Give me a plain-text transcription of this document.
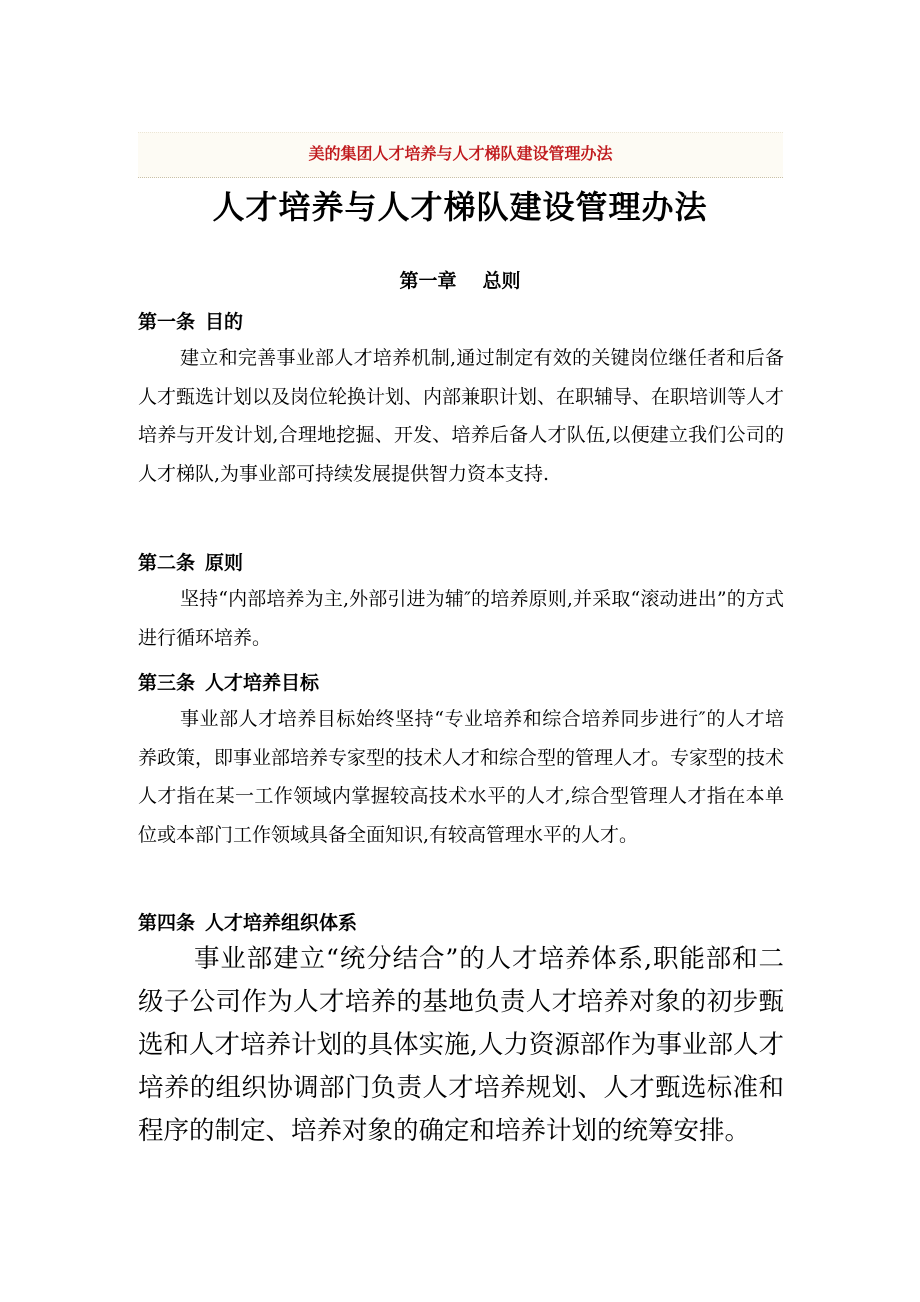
美的集团人才培养与人才梯队建设管理办法
人才培养与人才梯队建设管理办法
第一章 总则
第一条 目的

建立和完善事业部人才培养机制,通过制定有效的关键岗位继任者和后备人才甄选计划以及岗位轮换计划、内部兼职计划、在职辅导、在职培训等人才培养与开发计划,合理地挖掘、开发、培养后备人才队伍,以便建立我们公司的人才梯队,为事业部可持续发展提供智力资本支持.

第二条 原则

坚持“内部培养为主,外部引进为辅″的培养原则,并采取“滚动进出”的方式进行循环培养。

第三条 人才培养目标

事业部人才培养目标始终坚持“专业培养和综合培养同步进行″的人才培养政策，即事业部培养专家型的技术人才和综合型的管理人才。专家型的技术人才指在某一工作领域内掌握较高技术水平的人才,综合型管理人才指在本单位或本部门工作领域具备全面知识,有较高管理水平的人才。

第四条 人才培养组织体系

事业部建立“统分结合”的人才培养体系,职能部和二级子公司作为人才培养的基地负责人才培养对象的初步甄选和人才培养计划的具体实施,人力资源部作为事业部人才培养的组织协调部门负责人才培养规划、人才甄选标准和程序的制定、培养对象的确定和培养计划的统筹安排。
